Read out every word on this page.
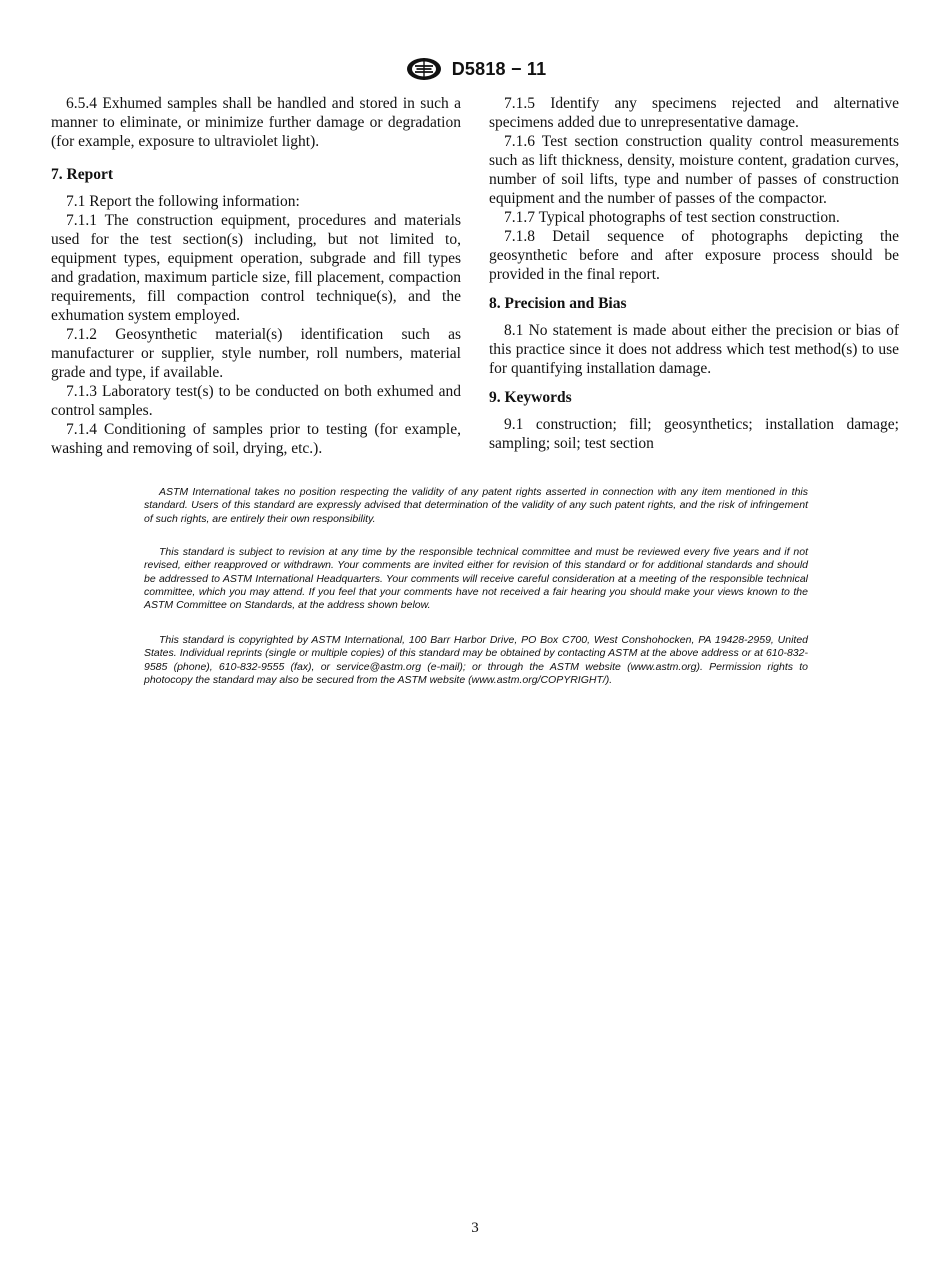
D5818 − 11

6.5.4 Exhumed samples shall be handled and stored in such a manner to eliminate, or minimize further damage or degradation (for example, exposure to ultraviolet light).

7. Report

7.1 Report the following information:

7.1.1 The construction equipment, procedures and materials used for the test section(s) including, but not limited to, equipment types, equipment operation, subgrade and fill types and gradation, maximum particle size, fill placement, compaction requirements, fill compaction control technique(s), and the exhumation system employed.

7.1.2 Geosynthetic material(s) identification such as manufacturer or supplier, style number, roll numbers, material grade and type, if available.

7.1.3 Laboratory test(s) to be conducted on both exhumed and control samples.

7.1.4 Conditioning of samples prior to testing (for example, washing and removing of soil, drying, etc.).

7.1.5 Identify any specimens rejected and alternative specimens added due to unrepresentative damage.

7.1.6 Test section construction quality control measurements such as lift thickness, density, moisture content, gradation curves, number of soil lifts, type and number of passes of construction equipment and the number of passes of the compactor.

7.1.7 Typical photographs of test section construction.

7.1.8 Detail sequence of photographs depicting the geosynthetic before and after exposure process should be provided in the final report.

8. Precision and Bias

8.1 No statement is made about either the precision or bias of this practice since it does not address which test method(s) to use for quantifying installation damage.

9. Keywords

9.1 construction; fill; geosynthetics; installation damage; sampling; soil; test section

ASTM International takes no position respecting the validity of any patent rights asserted in connection with any item mentioned in this standard. Users of this standard are expressly advised that determination of the validity of any such patent rights, and the risk of infringement of such rights, are entirely their own responsibility.

This standard is subject to revision at any time by the responsible technical committee and must be reviewed every five years and if not revised, either reapproved or withdrawn. Your comments are invited either for revision of this standard or for additional standards and should be addressed to ASTM International Headquarters. Your comments will receive careful consideration at a meeting of the responsible technical committee, which you may attend. If you feel that your comments have not received a fair hearing you should make your views known to the ASTM Committee on Standards, at the address shown below.

This standard is copyrighted by ASTM International, 100 Barr Harbor Drive, PO Box C700, West Conshohocken, PA 19428-2959, United States. Individual reprints (single or multiple copies) of this standard may be obtained by contacting ASTM at the above address or at 610-832-9585 (phone), 610-832-9555 (fax), or service@astm.org (e-mail); or through the ASTM website (www.astm.org). Permission rights to photocopy the standard may also be secured from the ASTM website (www.astm.org/COPYRIGHT/).

3
